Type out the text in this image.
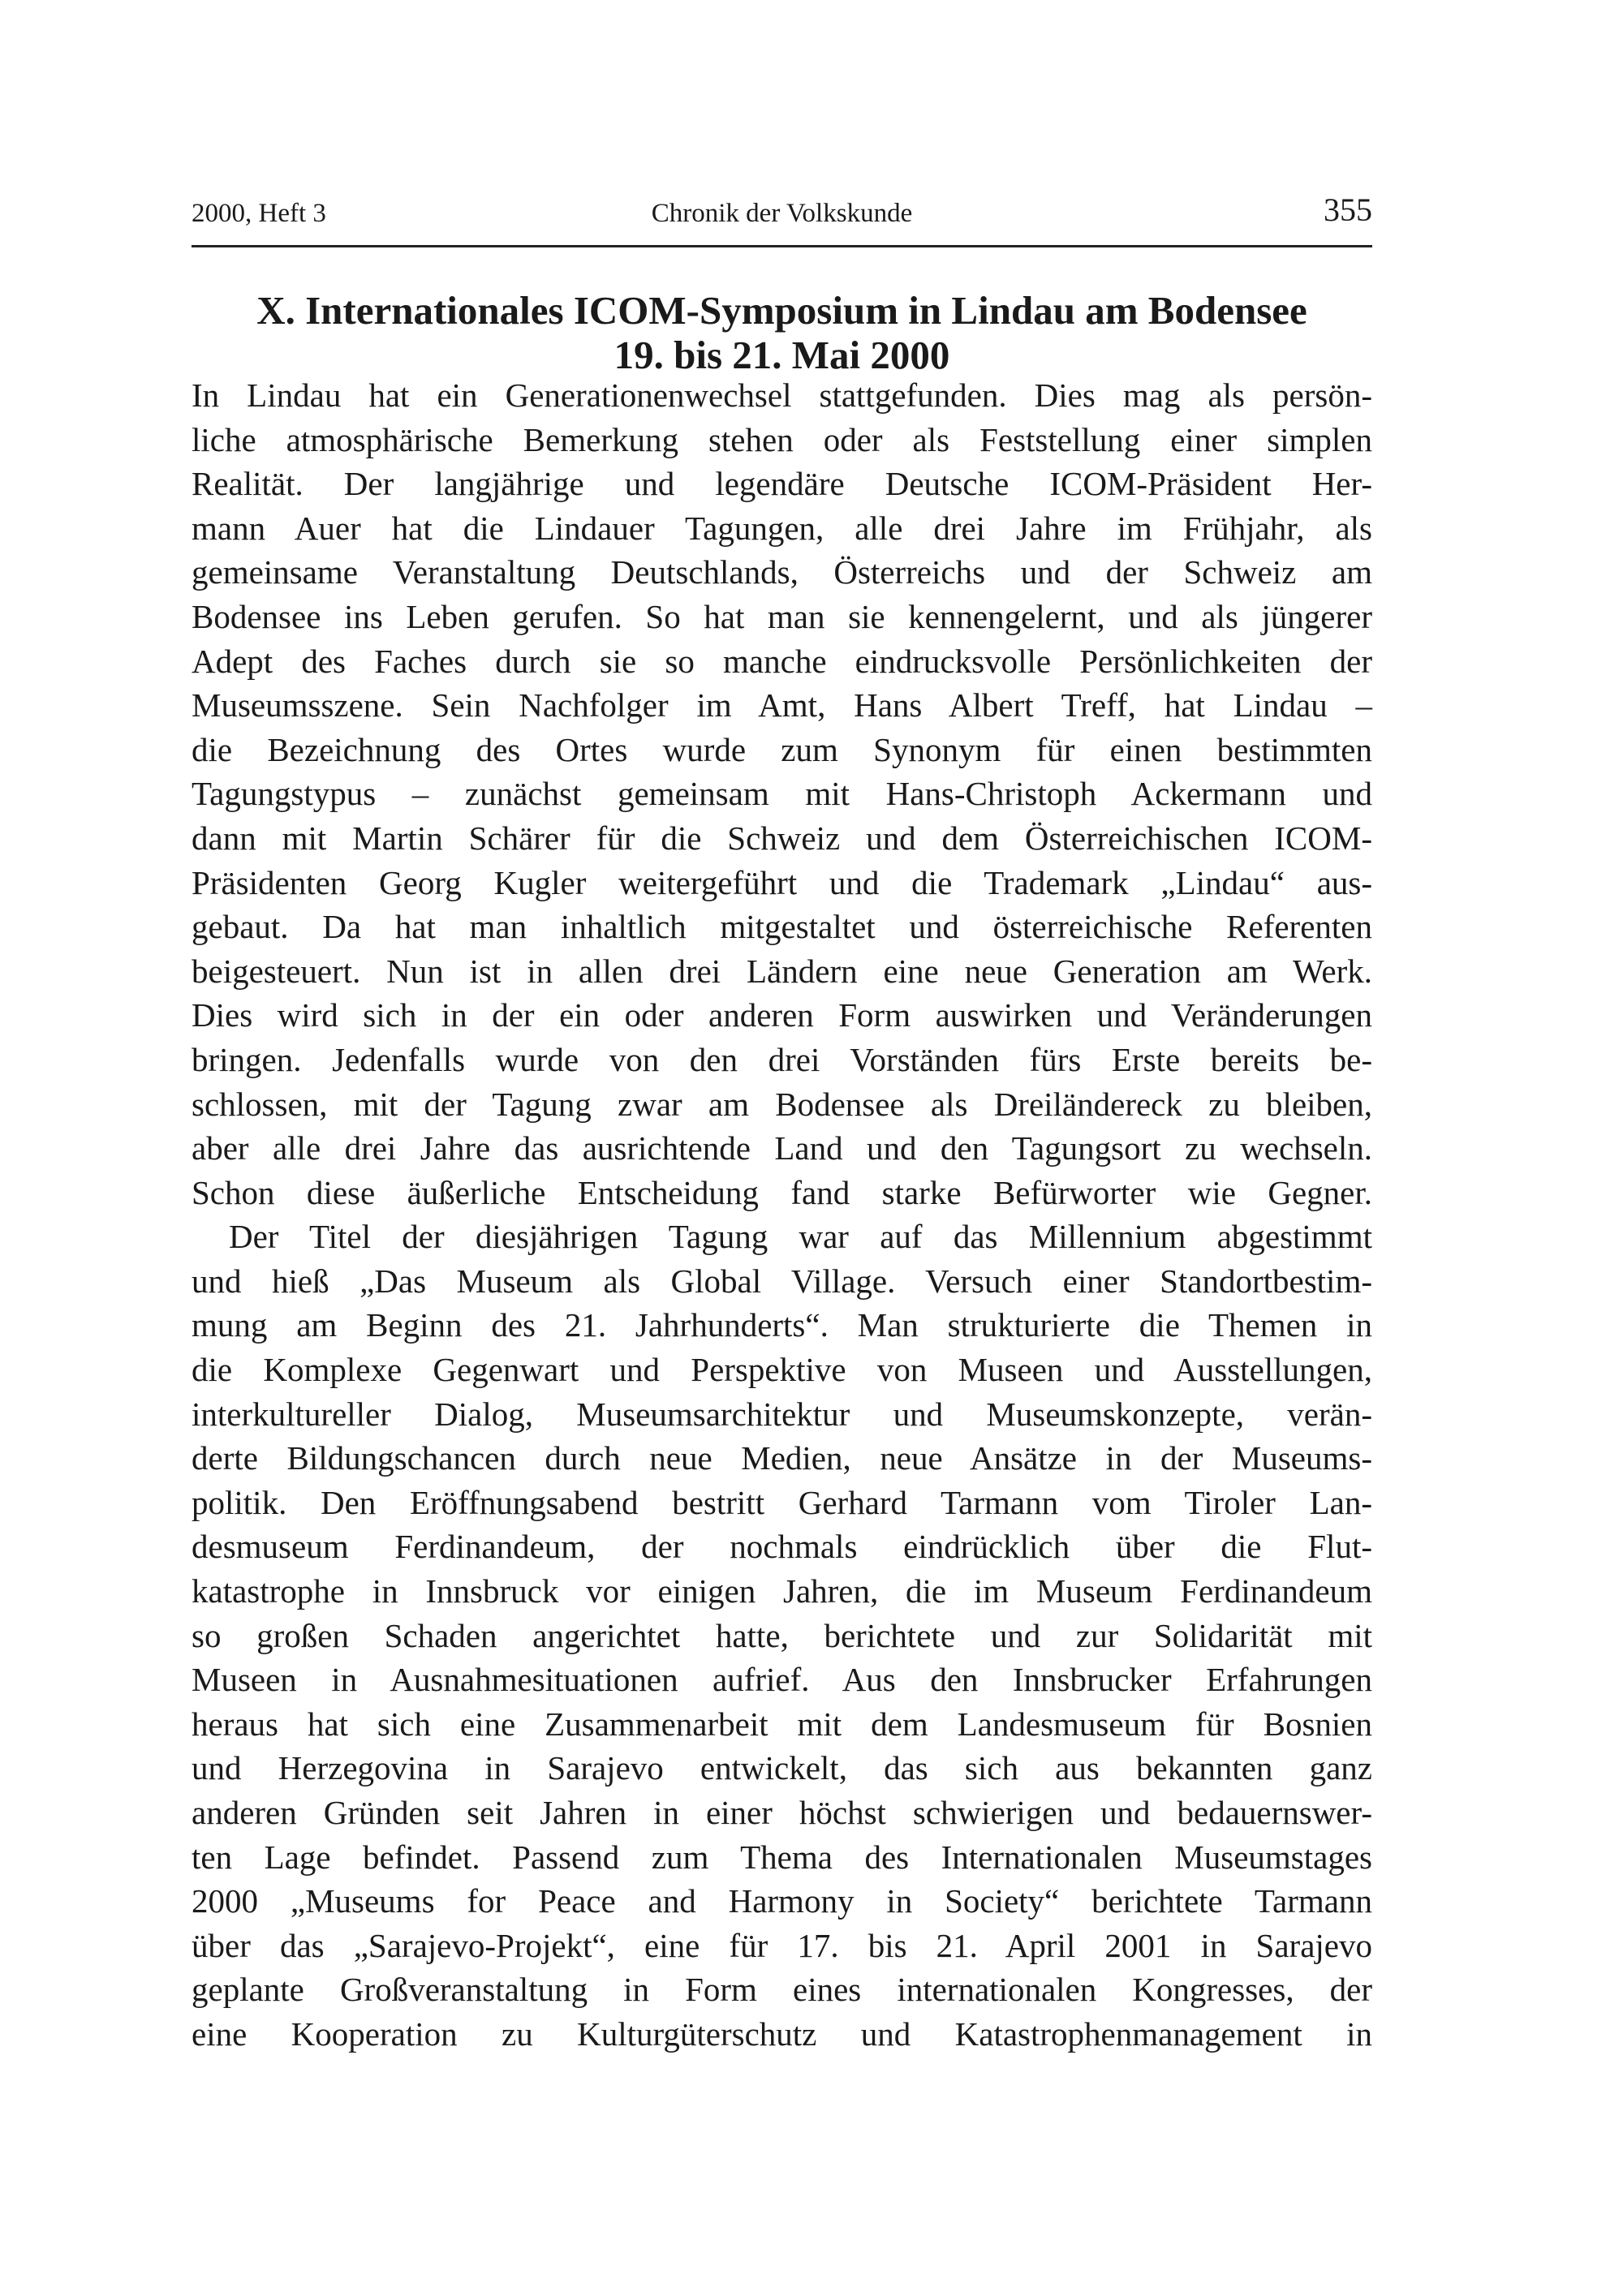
2000, Heft 3	Chronik der Volkskunde	355
X. Internationales ICOM-Symposium in Lindau am Bodensee
19. bis 21. Mai 2000
In Lindau hat ein Generationenwechsel stattgefunden. Dies mag als persön-
liche atmosphärische Bemerkung stehen oder als Feststellung einer simplen
Realität. Der langjährige und legendäre Deutsche ICOM-Präsident Her-
mann Auer hat die Lindauer Tagungen, alle drei Jahre im Frühjahr, als
gemeinsame Veranstaltung Deutschlands, Österreichs und der Schweiz am
Bodensee ins Leben gerufen. So hat man sie kennengelernt, und als jüngerer
Adept des Faches durch sie so manche eindrucksvolle Persönlichkeiten der
Museumsszene. Sein Nachfolger im Amt, Hans Albert Treff, hat Lindau –
die Bezeichnung des Ortes wurde zum Synonym für einen bestimmten
Tagungstypus – zunächst gemeinsam mit Hans-Christoph Ackermann und
dann mit Martin Schärer für die Schweiz und dem Österreichischen ICOM-
Präsidenten Georg Kugler weitergeführt und die Trademark „Lindau“ aus-
gebaut. Da hat man inhaltlich mitgestaltet und österreichische Referenten
beigesteuert. Nun ist in allen drei Ländern eine neue Generation am Werk.
Dies wird sich in der ein oder anderen Form auswirken und Veränderungen
bringen. Jedenfalls wurde von den drei Vorständen fürs Erste bereits be-
schlossen, mit der Tagung zwar am Bodensee als Dreiländereck zu bleiben,
aber alle drei Jahre das ausrichtende Land und den Tagungsort zu wechseln.
Schon diese äußerliche Entscheidung fand starke Befürworter wie Gegner.
Der Titel der diesjährigen Tagung war auf das Millennium abgestimmt
und hieß „Das Museum als Global Village. Versuch einer Standortbestim-
mung am Beginn des 21. Jahrhunderts“. Man strukturierte die Themen in
die Komplexe Gegenwart und Perspektive von Museen und Ausstellungen,
interkultureller Dialog, Museumsarchitektur und Museumskonzepte, verän-
derte Bildungschancen durch neue Medien, neue Ansätze in der Museums-
politik. Den Eröffnungsabend bestritt Gerhard Tarmann vom Tiroler Lan-
desmuseum Ferdinandeum, der nochmals eindrücklich über die Flut-
katastrophe in Innsbruck vor einigen Jahren, die im Museum Ferdinandeum
so großen Schaden angerichtet hatte, berichtete und zur Solidarität mit
Museen in Ausnahmesituationen aufrief. Aus den Innsbrucker Erfahrungen
heraus hat sich eine Zusammenarbeit mit dem Landesmuseum für Bosnien
und Herzegovina in Sarajevo entwickelt, das sich aus bekannten ganz
anderen Gründen seit Jahren in einer höchst schwierigen und bedauernswer-
ten Lage befindet. Passend zum Thema des Internationalen Museumstages
2000 „Museums for Peace and Harmony in Society“ berichtete Tarmann
über das „Sarajevo-Projekt“, eine für 17. bis 21. April 2001 in Sarajevo
geplante Großveranstaltung in Form eines internationalen Kongresses, der
eine Kooperation zu Kulturgüterschutz und Katastrophenmanagement in
